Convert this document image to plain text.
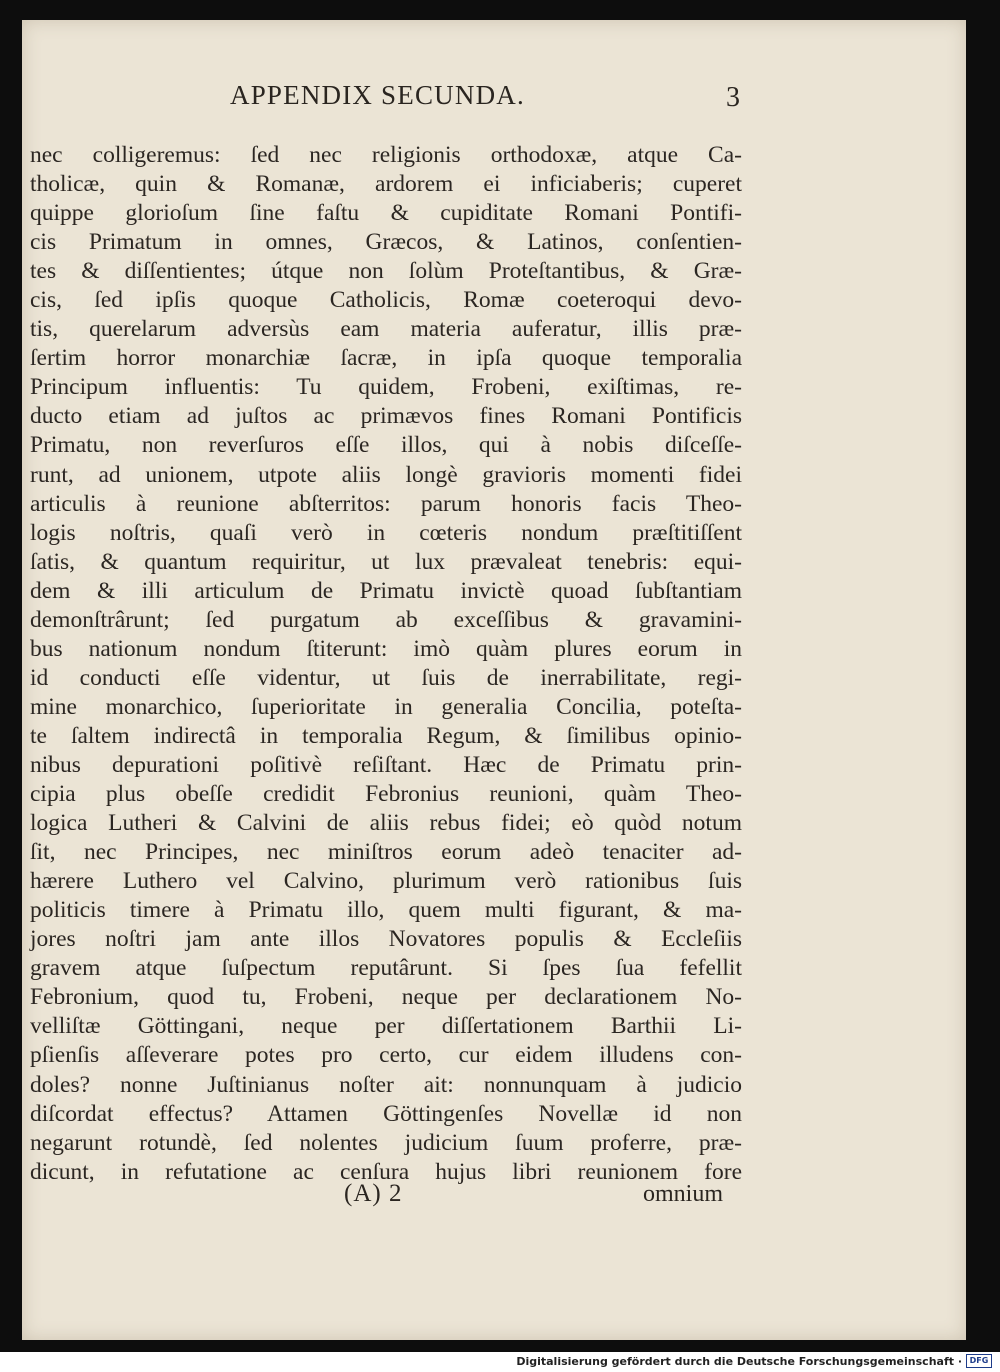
APPENDIX SECUNDA.	3
nec colligeremus: ſed nec religionis orthodoxæ, atque Ca-
tholicæ, quin & Romanæ, ardorem ei inficiaberis; cuperet
quippe glorioſum ſine faſtu & cupiditate Romani Pontifi-
cis Primatum in omnes, Græcos, & Latinos, conſentien-
tes & diſſentientes; útque non ſolùm Proteſtantibus, & Græ-
cis, ſed ipſis quoque Catholicis, Romæ coeteroqui devo-
tis, querelarum adversùs eam materia auferatur, illis præ-
ſertim horror monarchiæ ſacræ, in ipſa quoque temporalia
Principum influentis: Tu quidem, Frobeni, exiſtimas, re-
ducto etiam ad juſtos ac primævos fines Romani Pontificis
Primatu, non reverſuros eſſe illos, qui à nobis diſceſſe-
runt, ad unionem, utpote aliis longè gravioris momenti fidei
articulis à reunione abſterritos: parum honoris facis Theo-
logis noſtris, quaſi verò in cœteris nondum præſtitiſſent
ſatis, & quantum requiritur, ut lux prævaleat tenebris: equi-
dem & illi articulum de Primatu invictè quoad ſubſtantiam
demonſtrârunt; ſed purgatum ab exceſſibus & gravamini-
bus nationum nondum ſtiterunt: imò quàm plures eorum in
id conducti eſſe videntur, ut ſuis de inerrabilitate, regi-
mine monarchico, ſuperioritate in generalia Concilia, poteſta-
te ſaltem indirectâ in temporalia Regum, & ſimilibus opinio-
nibus depurationi poſitivè reſiſtant. Hæc de Primatu prin-
cipia plus obeſſe credidit Febronius reunioni, quàm Theo-
logica Lutheri & Calvini de aliis rebus fidei; eò quòd notum
ſit, nec Principes, nec miniſtros eorum adeò tenaciter ad-
hærere Luthero vel Calvino, plurimum verò rationibus ſuis
politicis timere à Primatu illo, quem multi figurant, & ma-
jores noſtri jam ante illos Novatores populis & Eccleſiis
gravem atque ſuſpectum reputârunt. Si ſpes ſua fefellit
Febronium, quod tu, Frobeni, neque per declarationem No-
velliſtæ Göttingani, neque per diſſertationem Barthii Li-
pſienſis aſſeverare potes pro certo, cur eidem illudens con-
doles? nonne Juſtinianus noſter ait: nonnunquam à judicio
diſcordat effectus? Attamen Göttingenſes Novellæ id non
negarunt rotundè, ſed nolentes judicium ſuum proferre, præ-
dicunt, in refutatione ac cenſura hujus libri reunionem fore
(A) 2	omnium
Digitalisierung gefördert durch die Deutsche Forschungsgemeinschaft · DFG
